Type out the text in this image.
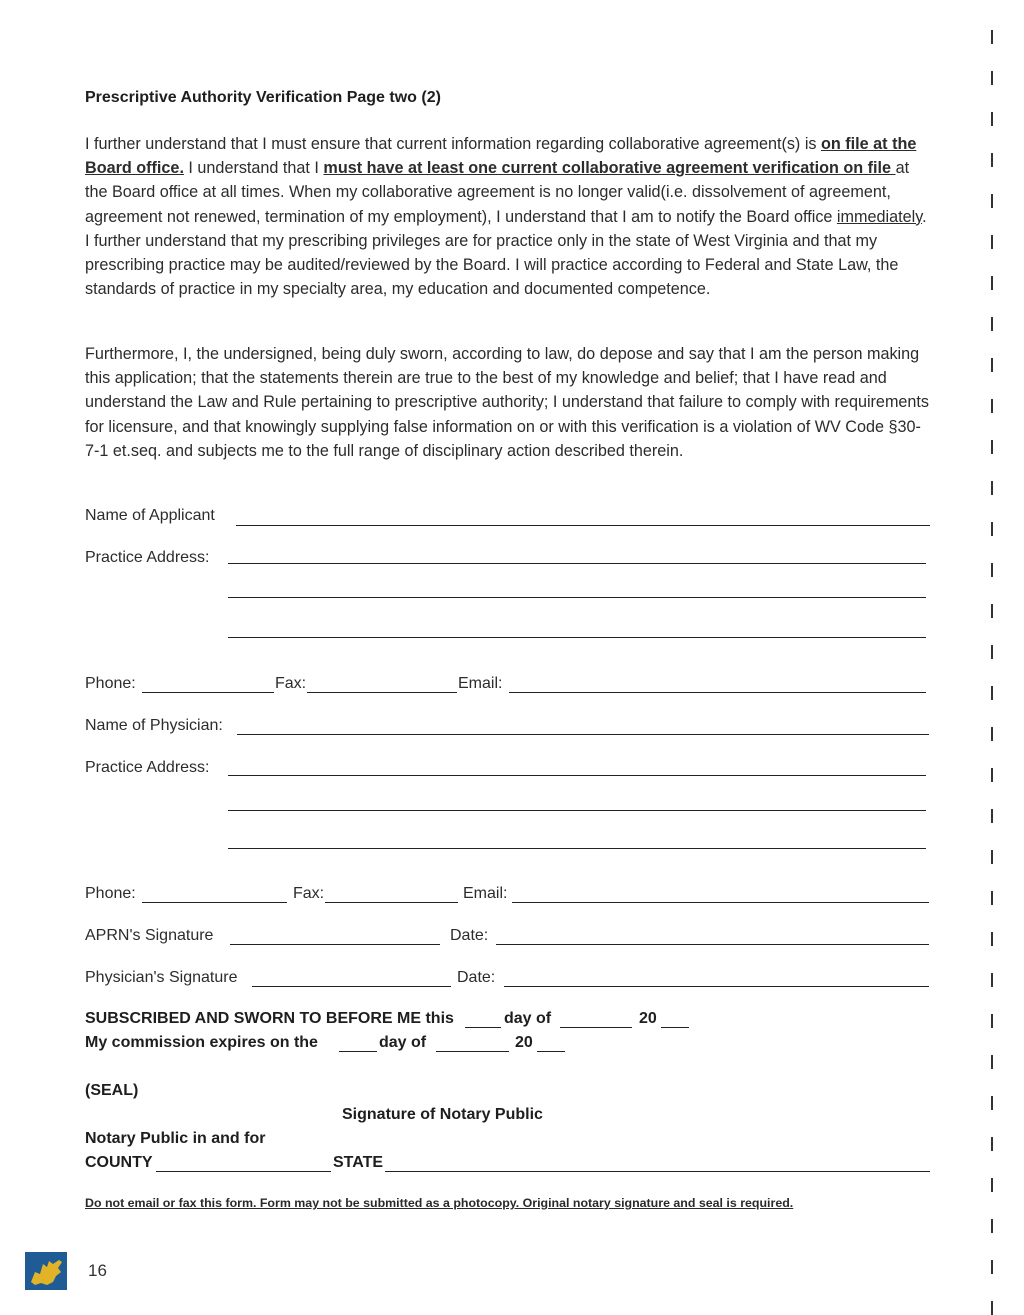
Prescriptive Authority Verification Page two (2)
I further understand that I must ensure that current information regarding collaborative agreement(s) is on file at the Board office. I understand that I must have at least one current collaborative agreement verification on file at the Board office at all times. When my collaborative agreement is no longer valid(i.e. dissolvement of agreement, agreement not renewed, termination of my employment), I understand that I am to notify the Board office immediately. I further understand that my prescribing privileges are for practice only in the state of West Virginia and that my prescribing practice may be audited/reviewed by the Board. I will practice according to Federal and State Law, the standards of practice in my specialty area, my education and documented competence.
Furthermore, I, the undersigned, being duly sworn, according to law, do depose and say that I am the person making this application; that the statements therein are true to the best of my knowledge and belief; that I have read and understand the Law and Rule pertaining to prescriptive authority; I understand that failure to comply with requirements for licensure, and that knowingly supplying false information on or with this verification is a violation of WV Code §30-7-1 et.seq. and subjects me to the full range of disciplinary action described therein.
Name of Applicant
Practice Address:
Phone:	Fax:	Email:
Name of Physician:
Practice Address:
Phone:	Fax:	Email:
APRN's Signature	Date:
Physician's Signature	Date:
SUBSCRIBED AND SWORN TO BEFORE ME this	day of	20
My commission expires on the	day of	20
(SEAL)
Signature of Notary Public
Notary Public in and for
COUNTY	STATE
Do not email or fax this form. Form may not be submitted as a photocopy. Original notary signature and seal is required.
16
